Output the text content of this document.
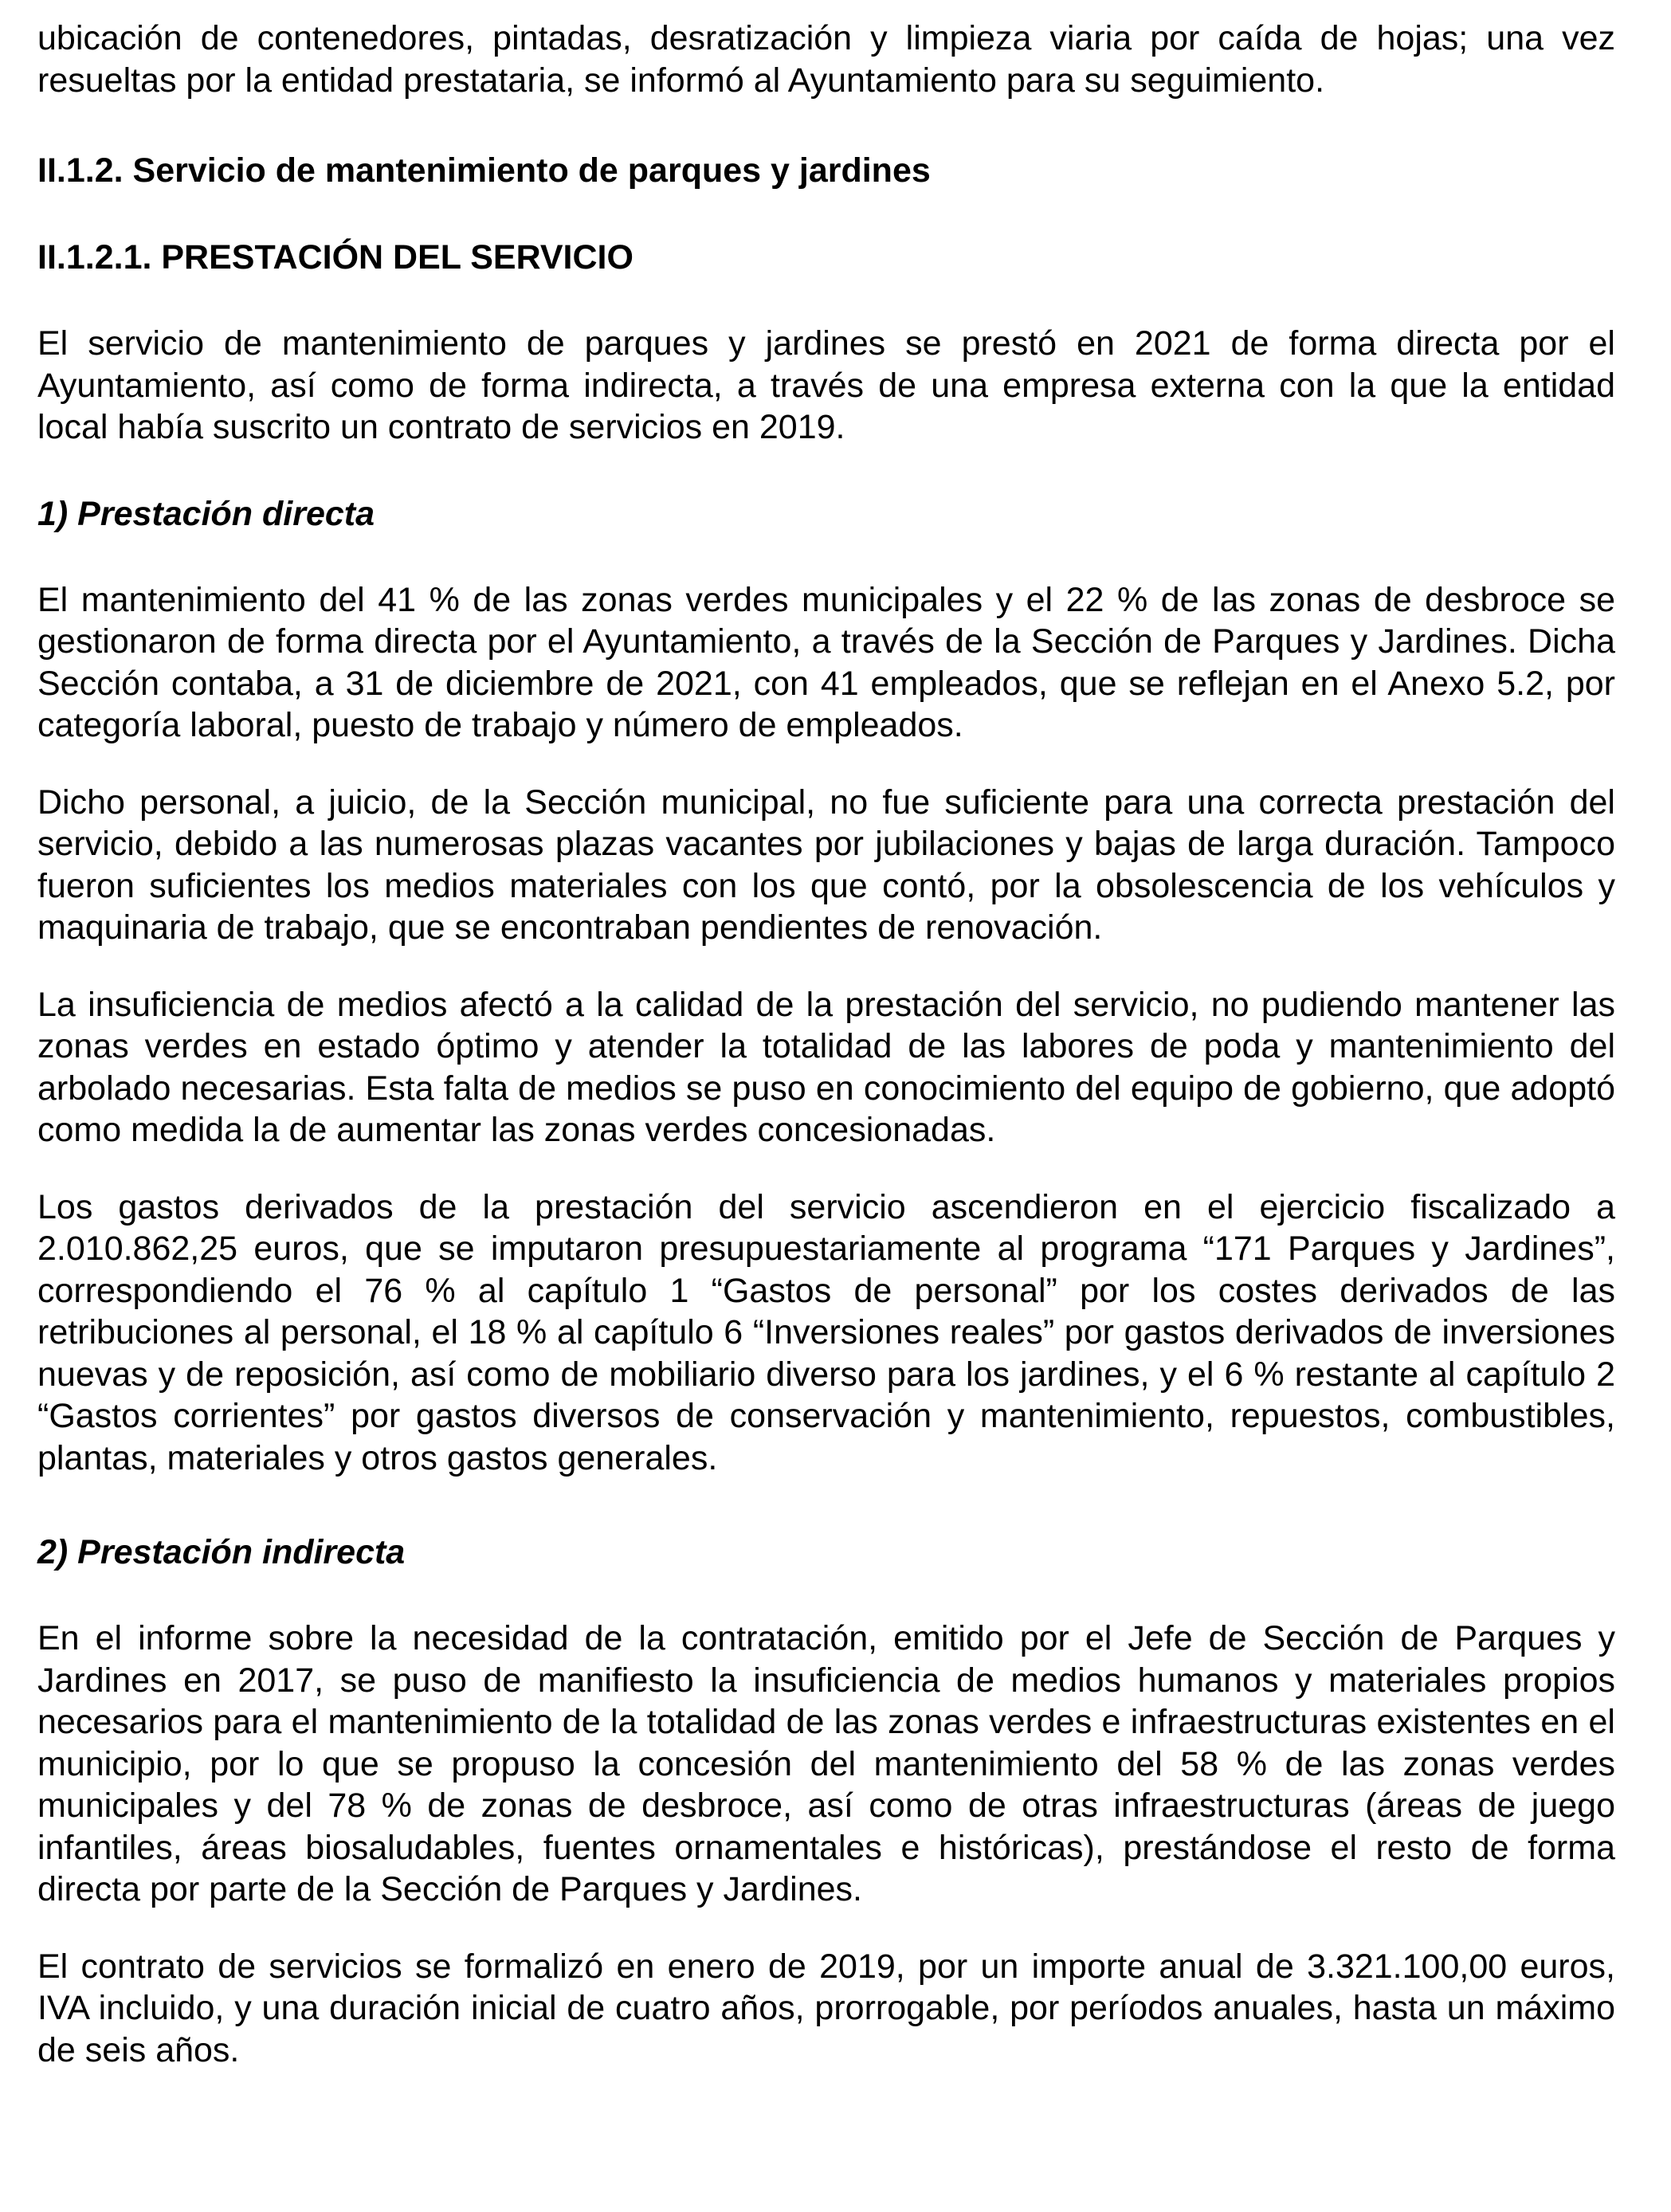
ubicación de contenedores, pintadas, desratización y limpieza viaria por caída de hojas; una vez resueltas por la entidad prestataria, se informó al Ayuntamiento para su seguimiento.

II.1.2. Servicio de mantenimiento de parques y jardines
II.1.2.1. PRESTACIÓN DEL SERVICIO

El servicio de mantenimiento de parques y jardines se prestó en 2021 de forma directa por el Ayuntamiento, así como de forma indirecta, a través de una empresa externa con la que la entidad local había suscrito un contrato de servicios en 2019.

1) Prestación directa

El mantenimiento del 41 % de las zonas verdes municipales y el 22 % de las zonas de desbroce se gestionaron de forma directa por el Ayuntamiento, a través de la Sección de Parques y Jardines. Dicha Sección contaba, a 31 de diciembre de 2021, con 41 empleados, que se reflejan en el Anexo 5.2, por categoría laboral, puesto de trabajo y número de empleados.

Dicho personal, a juicio, de la Sección municipal, no fue suficiente para una correcta prestación del servicio, debido a las numerosas plazas vacantes por jubilaciones y bajas de larga duración. Tampoco fueron suficientes los medios materiales con los que contó, por la obsolescencia de los vehículos y maquinaria de trabajo, que se encontraban pendientes de renovación.

La insuficiencia de medios afectó a la calidad de la prestación del servicio, no pudiendo mantener las zonas verdes en estado óptimo y atender la totalidad de las labores de poda y mantenimiento del arbolado necesarias. Esta falta de medios se puso en conocimiento del equipo de gobierno, que adoptó como medida la de aumentar las zonas verdes concesionadas.

Los gastos derivados de la prestación del servicio ascendieron en el ejercicio fiscalizado a 2.010.862,25 euros, que se imputaron presupuestariamente al programa “171 Parques y Jardines”, correspondiendo el 76 % al capítulo 1 “Gastos de personal” por los costes derivados de las retribuciones al personal, el 18 % al capítulo 6 “Inversiones reales” por gastos derivados de inversiones nuevas y de reposición, así como de mobiliario diverso para los jardines, y el 6 % restante al capítulo 2 “Gastos corrientes” por gastos diversos de conservación y mantenimiento, repuestos, combustibles, plantas, materiales y otros gastos generales.

2) Prestación indirecta

En el informe sobre la necesidad de la contratación, emitido por el Jefe de Sección de Parques y Jardines en 2017, se puso de manifiesto la insuficiencia de medios humanos y materiales propios necesarios para el mantenimiento de la totalidad de las zonas verdes e infraestructuras existentes en el municipio, por lo que se propuso la concesión del mantenimiento del 58 % de las zonas verdes municipales y del 78 % de zonas de desbroce, así como de otras infraestructuras (áreas de juego infantiles, áreas biosaludables, fuentes ornamentales e históricas), prestándose el resto de forma directa por parte de la Sección de Parques y Jardines.

El contrato de servicios se formalizó en enero de 2019, por un importe anual de 3.321.100,00 euros, IVA incluido, y una duración inicial de cuatro años, prorrogable, por períodos anuales, hasta un máximo de seis años.
